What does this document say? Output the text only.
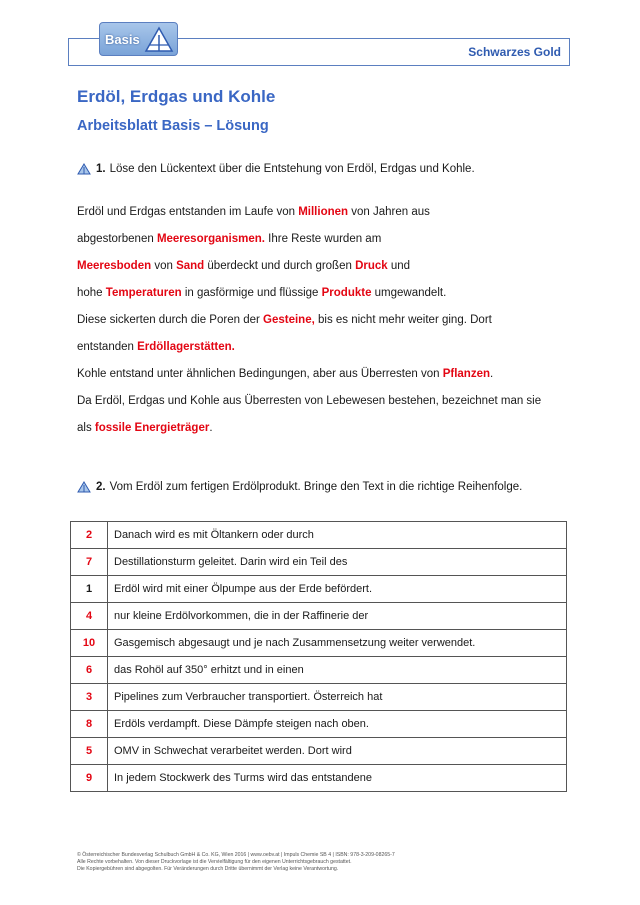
Schwarzes Gold
Basis
Erdöl, Erdgas und Kohle
Arbeitsblatt Basis – Lösung
1. Löse den Lückentext über die Entstehung von Erdöl, Erdgas und Kohle.
Erdöl und Erdgas entstanden im Laufe von Millionen von Jahren aus
abgestorbenen Meeresorganismen. Ihre Reste wurden am
Meeresboden von Sand überdeckt und durch großen Druck und
hohe Temperaturen in gasförmige und flüssige Produkte umgewandelt.
Diese sickerten durch die Poren der Gesteine, bis es nicht mehr weiter ging. Dort
entstanden Erdöllagerstätten.
Kohle entstand unter ähnlichen Bedingungen, aber aus Überresten von Pflanzen.
Da Erdöl, Erdgas und Kohle aus Überresten von Lebewesen bestehen, bezeichnet man sie
als fossile Energieträger.
2. Vom Erdöl zum fertigen Erdölprodukt. Bringe den Text in die richtige Reihenfolge.
2	Danach wird es mit Öltankern oder durch
7	Destillationsturm geleitet. Darin wird ein Teil des
1	Erdöl wird mit einer Ölpumpe aus der Erde befördert.
4	nur kleine Erdölvorkommen, die in der Raffinerie der
10	Gasgemisch abgesaugt und je nach Zusammensetzung weiter verwendet.
6	das Rohöl auf 350° erhitzt und in einen
3	Pipelines zum Verbraucher transportiert. Österreich hat
8	Erdöls verdampft. Diese Dämpfe steigen nach oben.
5	OMV in Schwechat verarbeitet werden. Dort wird
9	In jedem Stockwerk des Turms wird das entstandene
© Österreichischer Bundesverlag Schulbuch GmbH & Co. KG, Wien 2016 | www.oebv.at | Impuls Chemie SB 4 | ISBN: 978-3-209-08265-7
Alle Rechte vorbehalten. Von dieser Druckvorlage ist die Vervielfältigung für den eigenen Unterrichtsgebrauch gestattet.
Die Kopiergebühren sind abgegolten. Für Veränderungen durch Dritte übernimmt der Verlag keine Verantwortung.
